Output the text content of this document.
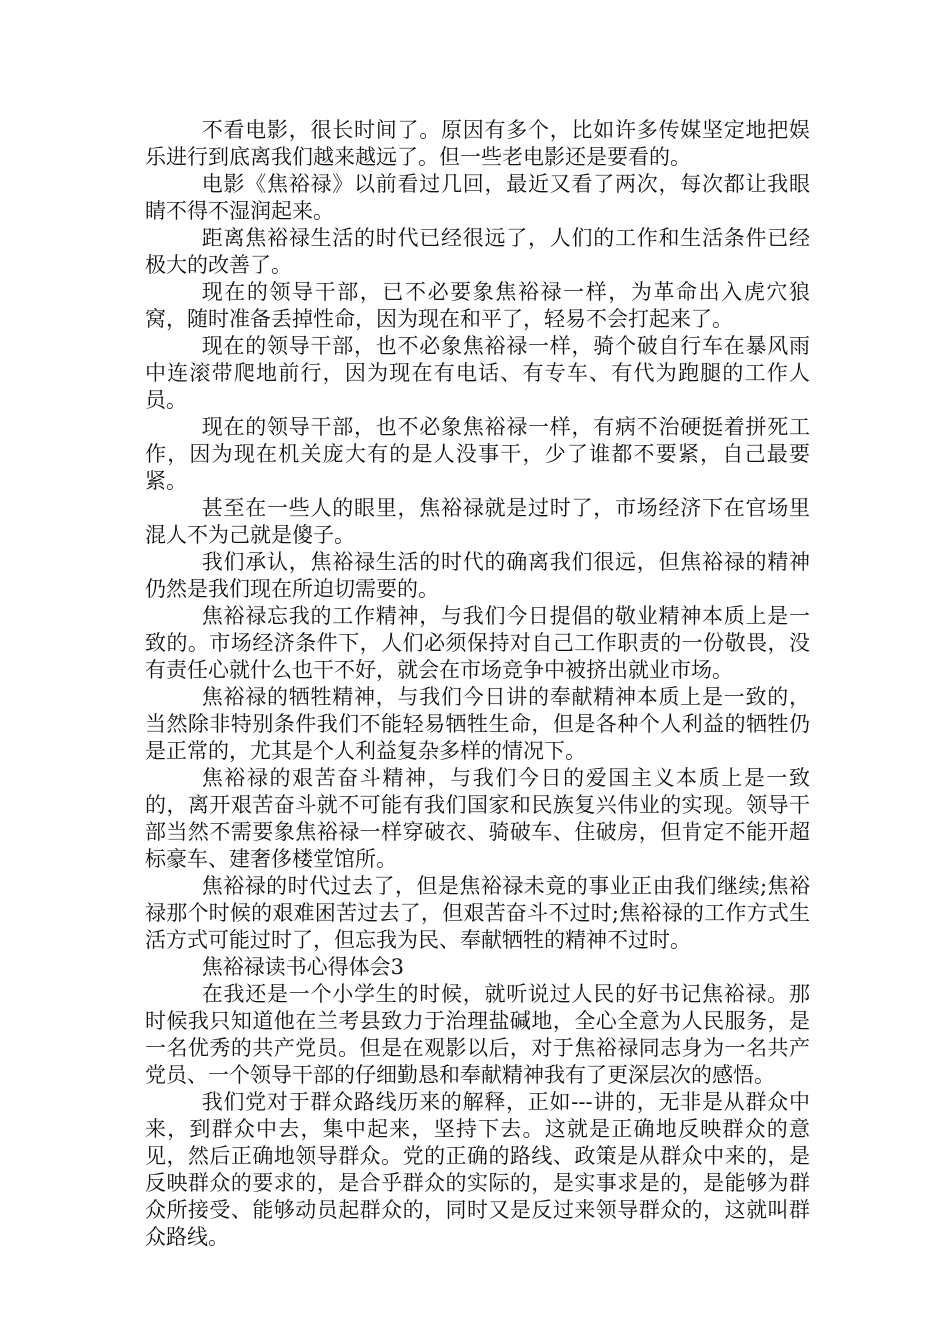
不看电影，很长时间了。原因有多个，比如许多传媒坚定地把娱乐进行到底离我们越来越远了。但一些老电影还是要看的。

电影《焦裕禄》以前看过几回，最近又看了两次，每次都让我眼睛不得不湿润起来。

距离焦裕禄生活的时代已经很远了，人们的工作和生活条件已经极大的改善了。

现在的领导干部，已不必要象焦裕禄一样，为革命出入虎穴狼窝，随时准备丢掉性命，因为现在和平了，轻易不会打起来了。

现在的领导干部，也不必象焦裕禄一样，骑个破自行车在暴风雨中连滚带爬地前行，因为现在有电话、有专车、有代为跑腿的工作人员。

现在的领导干部，也不必象焦裕禄一样，有病不治硬挺着拼死工作，因为现在机关庞大有的是人没事干，少了谁都不要紧，自己最要紧。

甚至在一些人的眼里，焦裕禄就是过时了，市场经济下在官场里混人不为己就是傻子。

我们承认，焦裕禄生活的时代的确离我们很远，但焦裕禄的精神仍然是我们现在所迫切需要的。

焦裕禄忘我的工作精神，与我们今日提倡的敬业精神本质上是一致的。市场经济条件下，人们必须保持对自己工作职责的一份敬畏，没有责任心就什么也干不好，就会在市场竞争中被挤出就业市场。

焦裕禄的牺牲精神，与我们今日讲的奉献精神本质上是一致的，当然除非特别条件我们不能轻易牺牲生命，但是各种个人利益的牺牲仍是正常的，尤其是个人利益复杂多样的情况下。

焦裕禄的艰苦奋斗精神，与我们今日的爱国主义本质上是一致的，离开艰苦奋斗就不可能有我们国家和民族复兴伟业的实现。领导干部当然不需要象焦裕禄一样穿破衣、骑破车、住破房，但肯定不能开超标豪车、建奢侈楼堂馆所。

焦裕禄的时代过去了，但是焦裕禄未竟的事业正由我们继续;焦裕禄那个时候的艰难困苦过去了，但艰苦奋斗不过时;焦裕禄的工作方式生活方式可能过时了，但忘我为民、奉献牺牲的精神不过时。

焦裕禄读书心得体会3

在我还是一个小学生的时候，就听说过人民的好书记焦裕禄。那时候我只知道他在兰考县致力于治理盐碱地，全心全意为人民服务，是一名优秀的共产党员。但是在观影以后，对于焦裕禄同志身为一名共产党员、一个领导干部的仔细勤恳和奉献精神我有了更深层次的感悟。

我们党对于群众路线历来的解释，正如---讲的，无非是从群众中来，到群众中去，集中起来，坚持下去。这就是正确地反映群众的意见，然后正确地领导群众。党的正确的路线、政策是从群众中来的，是反映群众的要求的，是合乎群众的实际的，是实事求是的，是能够为群众所接受、能够动员起群众的，同时又是反过来领导群众的，这就叫群众路线。
